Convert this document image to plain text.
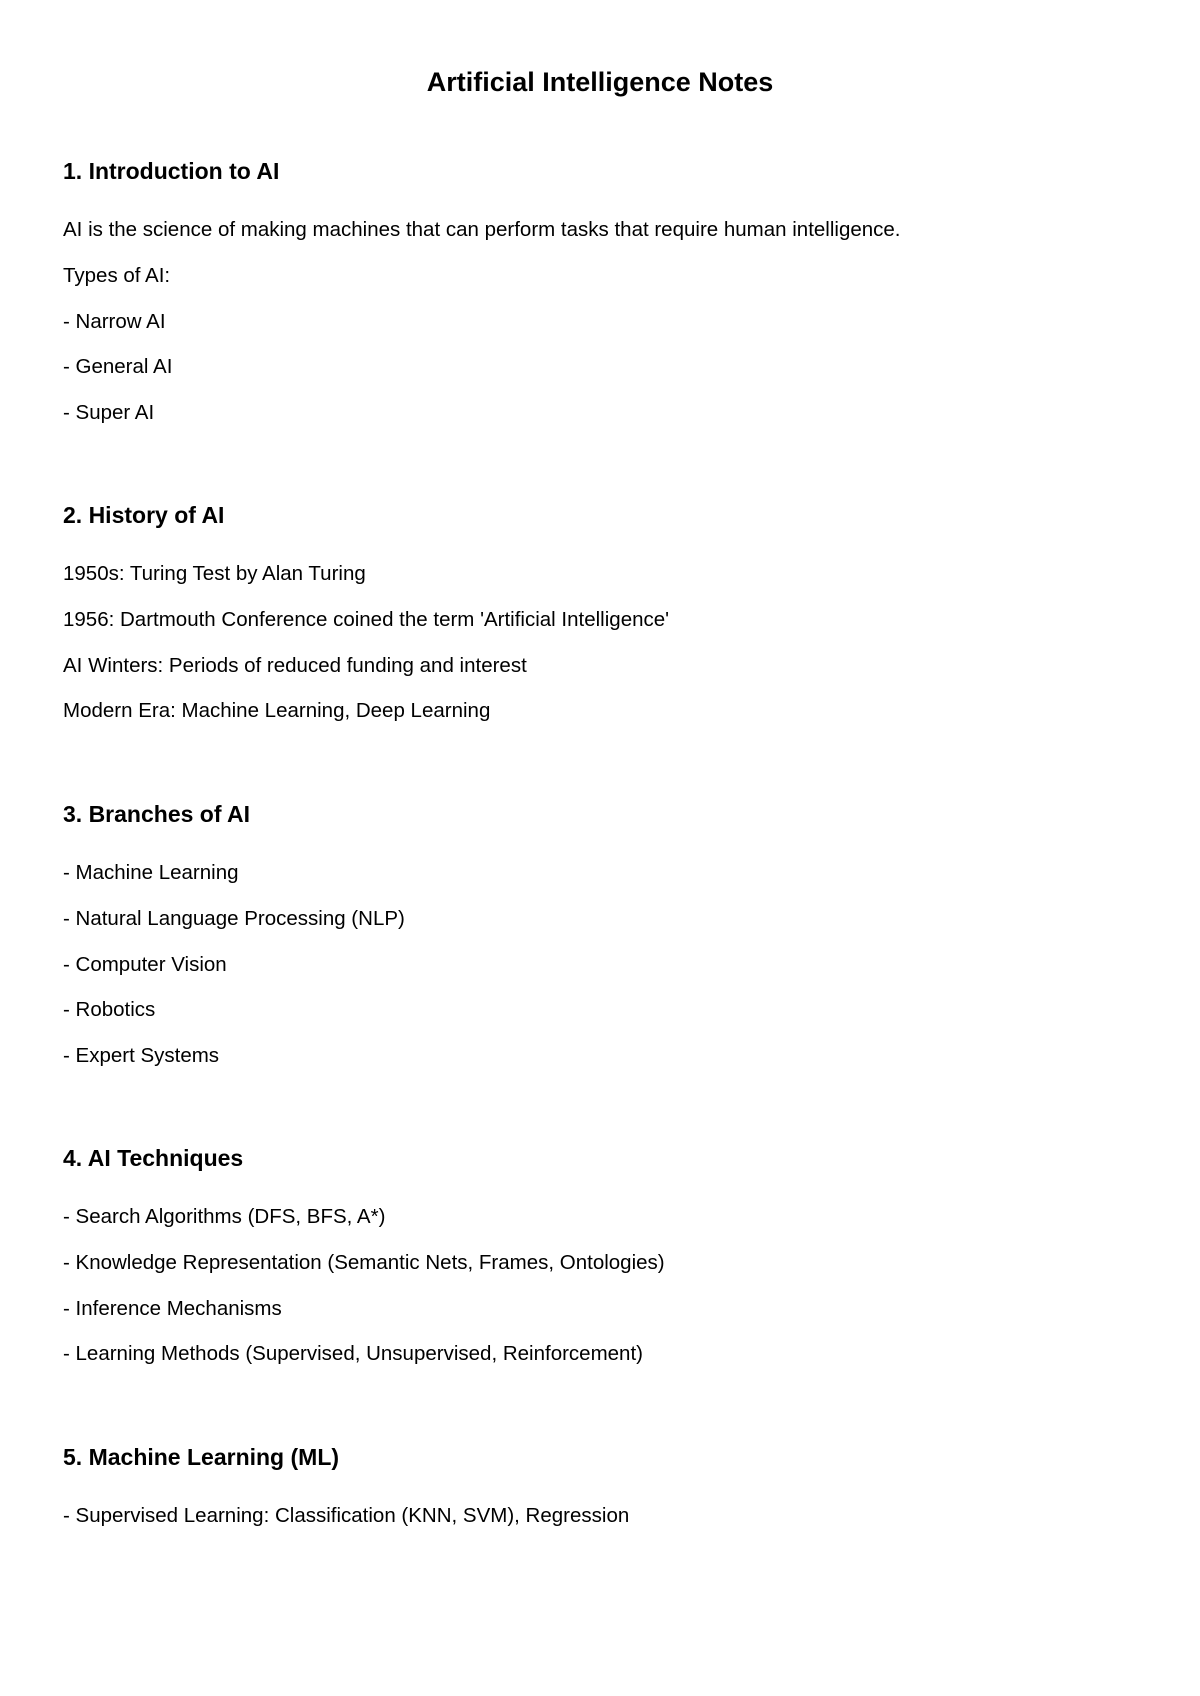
Artificial Intelligence Notes
1. Introduction to AI
AI is the science of making machines that can perform tasks that require human intelligence.
Types of AI:
- Narrow AI
- General AI
- Super AI
2. History of AI
1950s: Turing Test by Alan Turing
1956: Dartmouth Conference coined the term 'Artificial Intelligence'
AI Winters: Periods of reduced funding and interest
Modern Era: Machine Learning, Deep Learning
3. Branches of AI
- Machine Learning
- Natural Language Processing (NLP)
- Computer Vision
- Robotics
- Expert Systems
4. AI Techniques
- Search Algorithms (DFS, BFS, A*)
- Knowledge Representation (Semantic Nets, Frames, Ontologies)
- Inference Mechanisms
- Learning Methods (Supervised, Unsupervised, Reinforcement)
5. Machine Learning (ML)
- Supervised Learning: Classification (KNN, SVM), Regression
